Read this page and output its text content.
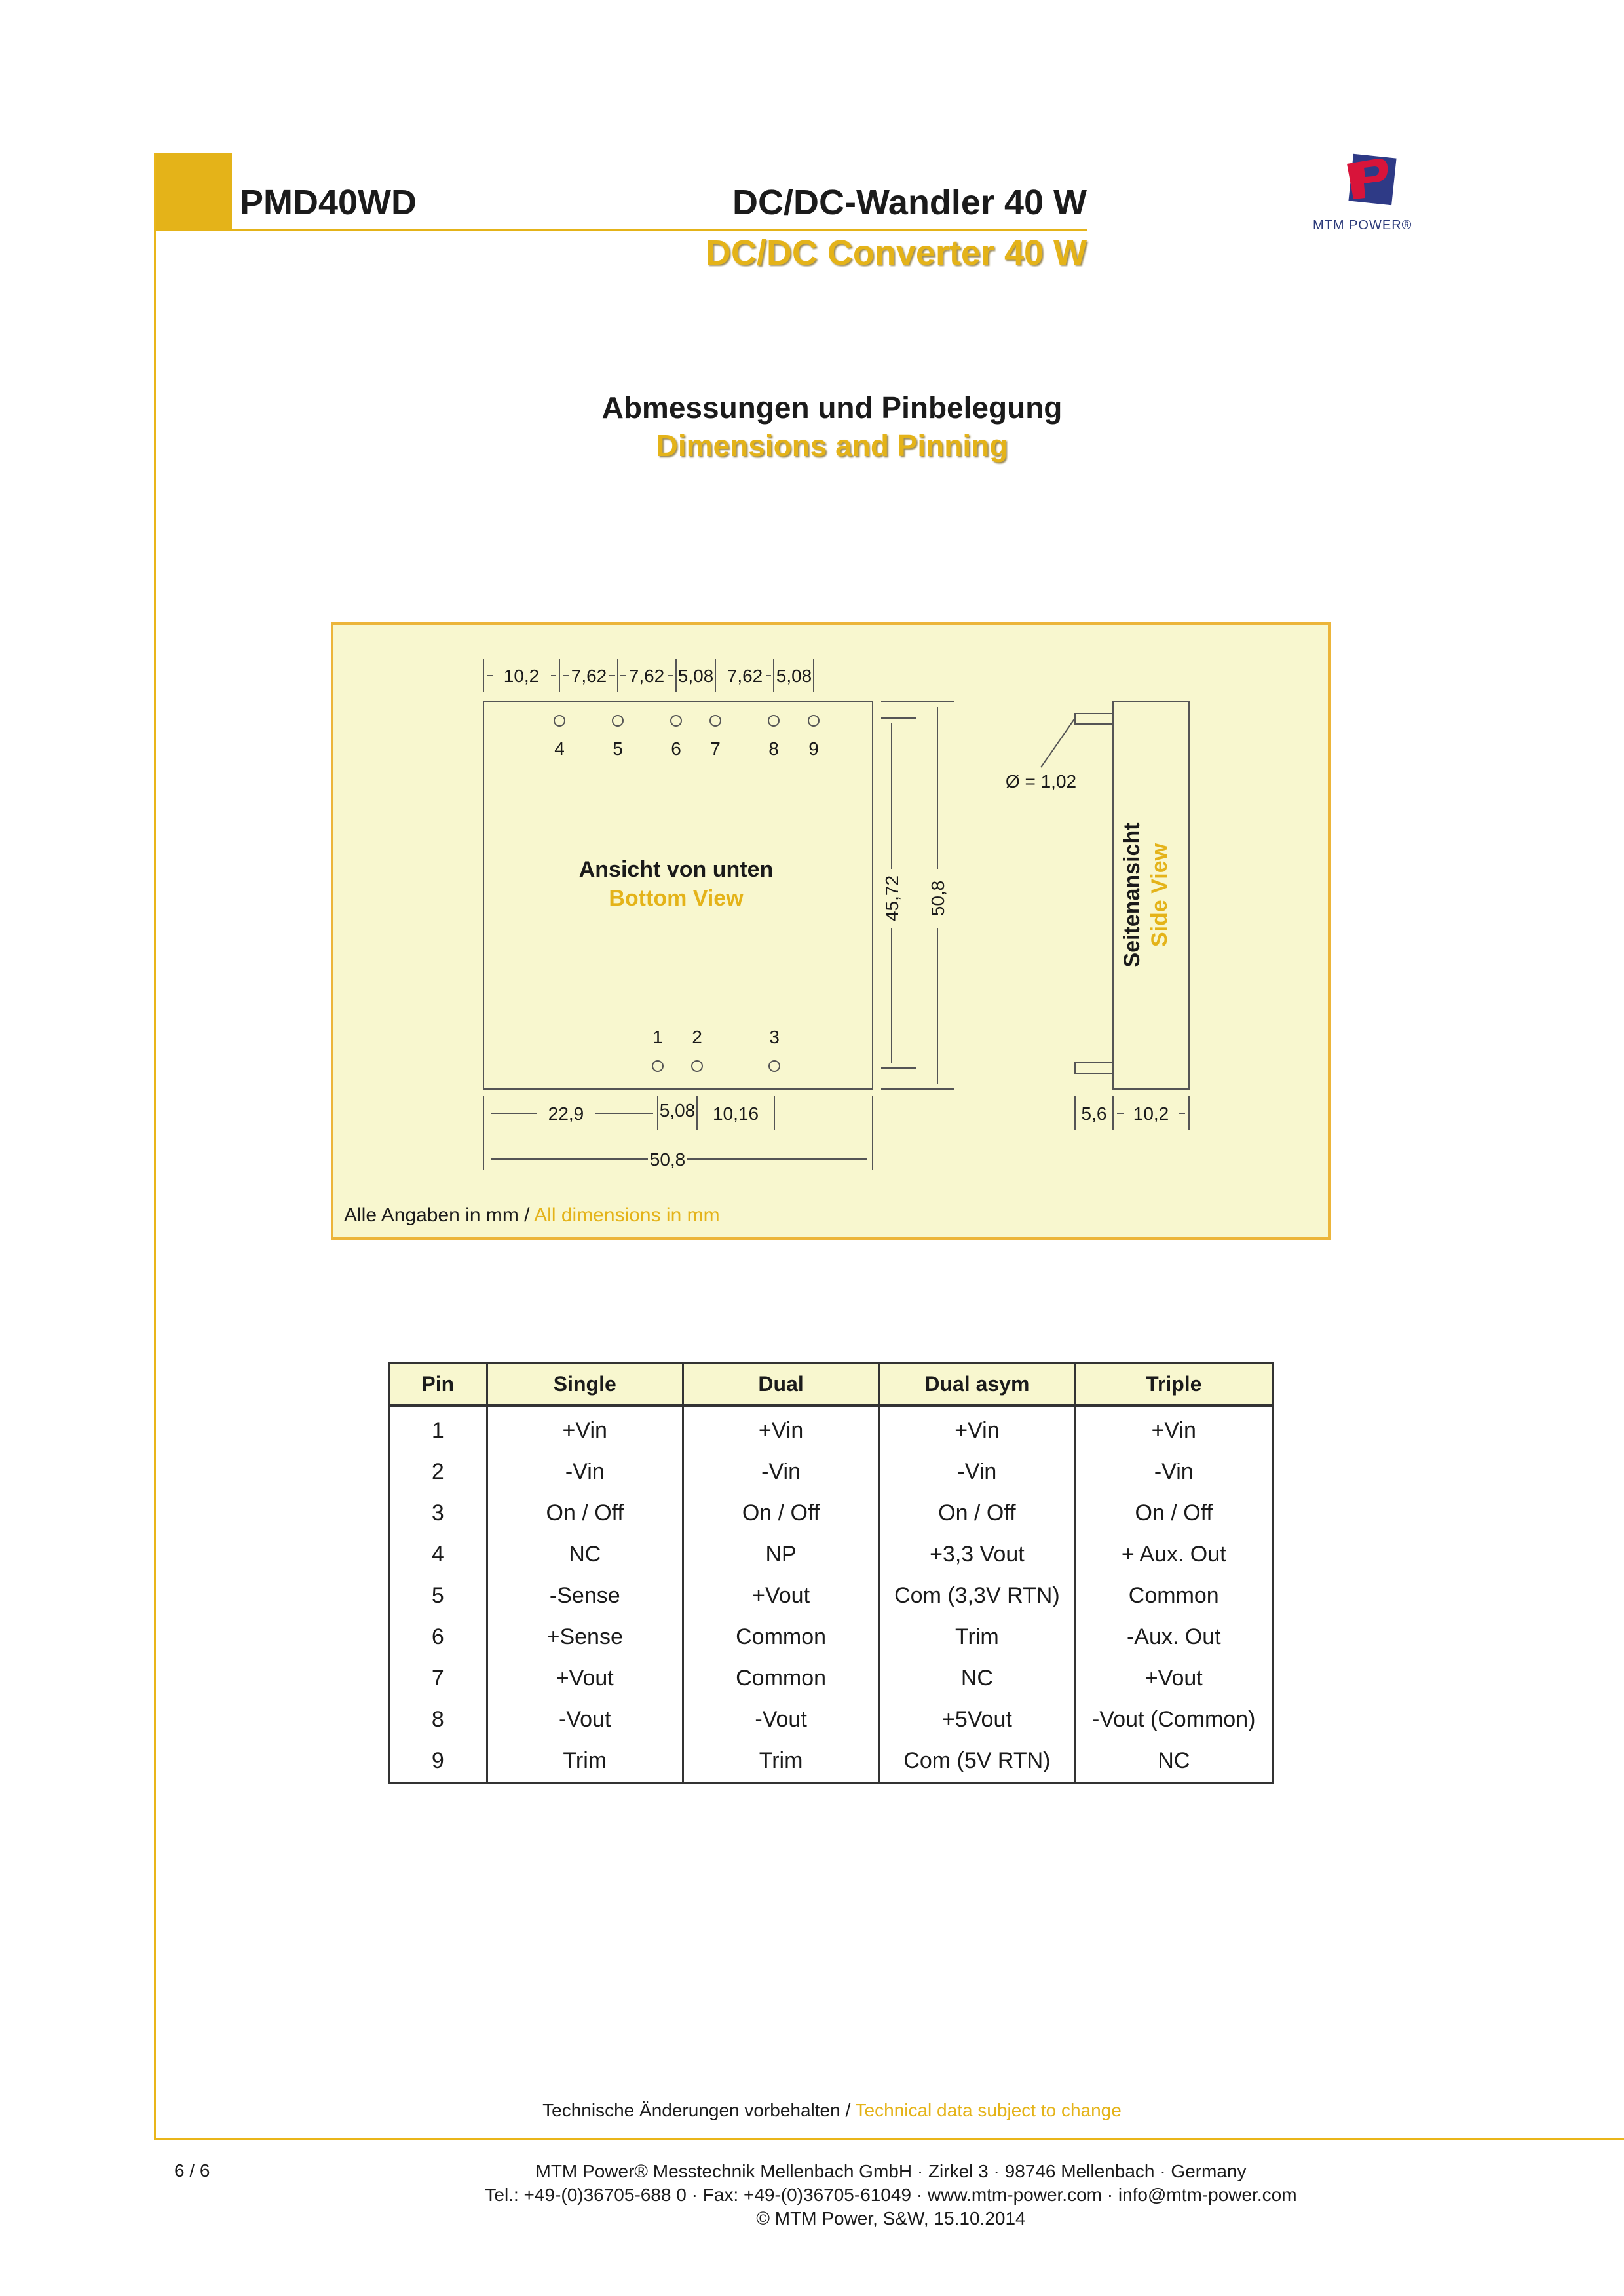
PMD40WD	DC/DC-Wandler 40 W
DC/DC Converter 40 W
MTM POWER®
Abmessungen und Pinbelegung
Dimensions and Pinning
10,2 7,62 7,62 5,08 7,62 5,08
4	5	6 7	8 9
1 2	3
Ansicht von unten
Bottom View
Ø = 1,02
45,72 50,8
22,9	5,08 10,16
50,8
Seitenansicht Side View
5,6 10,2
Alle Angaben in mm / All dimensions in mm
Pin	Single	Dual	Dual asym	Triple
1	+Vin	+Vin	+Vin	+Vin
2	-Vin	-Vin	-Vin	-Vin
3	On / Off	On / Off	On / Off	On / Off
4	NC	NP	+3,3 Vout	+ Aux. Out
5	-Sense	+Vout	Com (3,3V RTN)	Common
6	+Sense	Common	Trim	-Aux. Out
7	+Vout	Common	NC	+Vout
8	-Vout	-Vout	+5Vout	-Vout (Common)
9	Trim	Trim	Com (5V RTN)	NC
Technische Änderungen vorbehalten / Technical data subject to change
6 / 6	MTM Power® Messtechnik Mellenbach GmbH · Zirkel 3 · 98746 Mellenbach · Germany
Tel.: +49-(0)36705-688 0 · Fax: +49-(0)36705-61049 · www.mtm-power.com · info@mtm-power.com
© MTM Power, S&W, 15.10.2014
